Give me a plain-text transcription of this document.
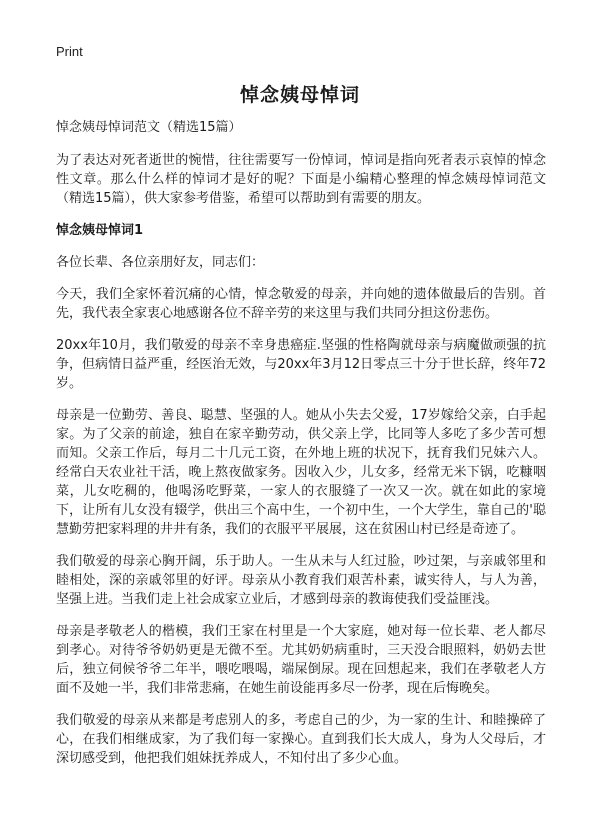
Print
悼念姨母悼词

悼念姨母悼词范文（精选15篇）

为了表达对死者逝世的惋惜，往往需要写一份悼词，悼词是指向死者表示哀悼的悼念性文章。那么什么样的悼词才是好的呢？下面是小编精心整理的悼念姨母悼词范文（精选15篇），供大家参考借鉴，希望可以帮助到有需要的朋友。

悼念姨母悼词1

各位长辈、各位亲朋好友，同志们：

今天，我们全家怀着沉痛的心情，悼念敬爱的母亲，并向她的遗体做最后的告别。首先，我代表全家衷心地感谢各位不辞辛劳的来这里与我们共同分担这份悲伤。

20xx年10月，我们敬爱的母亲不幸身患癌症.坚强的性格陶就母亲与病魔做顽强的抗争，但病情日益严重，经医治无效，与20xx年3月12日零点三十分于世长辞，终年72岁。

母亲是一位勤劳、善良、聪慧、坚强的人。她从小失去父爱，17岁嫁给父亲，白手起家。为了父亲的前途，独自在家辛勤劳动，供父亲上学，比同等人多吃了多少苦可想而知。父亲工作后，每月二十几元工资，在外地上班的状况下，抚育我们兄妹六人。经常白天农业社干活，晚上熬夜做家务。因收入少，儿女多，经常无米下锅，吃糠咽菜，儿女吃稠的，他喝汤吃野菜，一家人的衣服缝了一次又一次。就在如此的家境下，让所有儿女没有辍学，供出三个高中生，一个初中生，一个大学生，靠自己的'聪慧勤劳把家料理的井井有条，我们的衣服平平展展，这在贫困山村已经是奇迹了。

我们敬爱的母亲心胸开阔，乐于助人。一生从未与人红过脸，吵过架，与亲戚邻里和睦相处，深的亲戚邻里的好评。母亲从小教育我们艰苦朴素，诚实待人，与人为善，坚强上进。当我们走上社会成家立业后，才感到母亲的教诲使我们受益匪浅。

母亲是孝敬老人的楷模，我们王家在村里是一个大家庭，她对每一位长辈、老人都尽到孝心。对待爷爷奶奶更是无微不至。尤其奶奶病重时，三天没合眼照料，奶奶去世后，独立伺候爷爷二年半，喂吃喂喝，端屎倒尿。现在回想起来，我们在孝敬老人方面不及她一半，我们非常悲痛，在她生前设能再多尽一份孝，现在后悔晚矣。

我们敬爱的母亲从来都是考虑别人的多，考虑自己的少，为一家的生计、和睦操碎了心，在我们相继成家，为了我们每一家操心。直到我们长大成人，身为人父母后，才深切感受到，他把我们姐妹抚养成人，不知付出了多少心血。
